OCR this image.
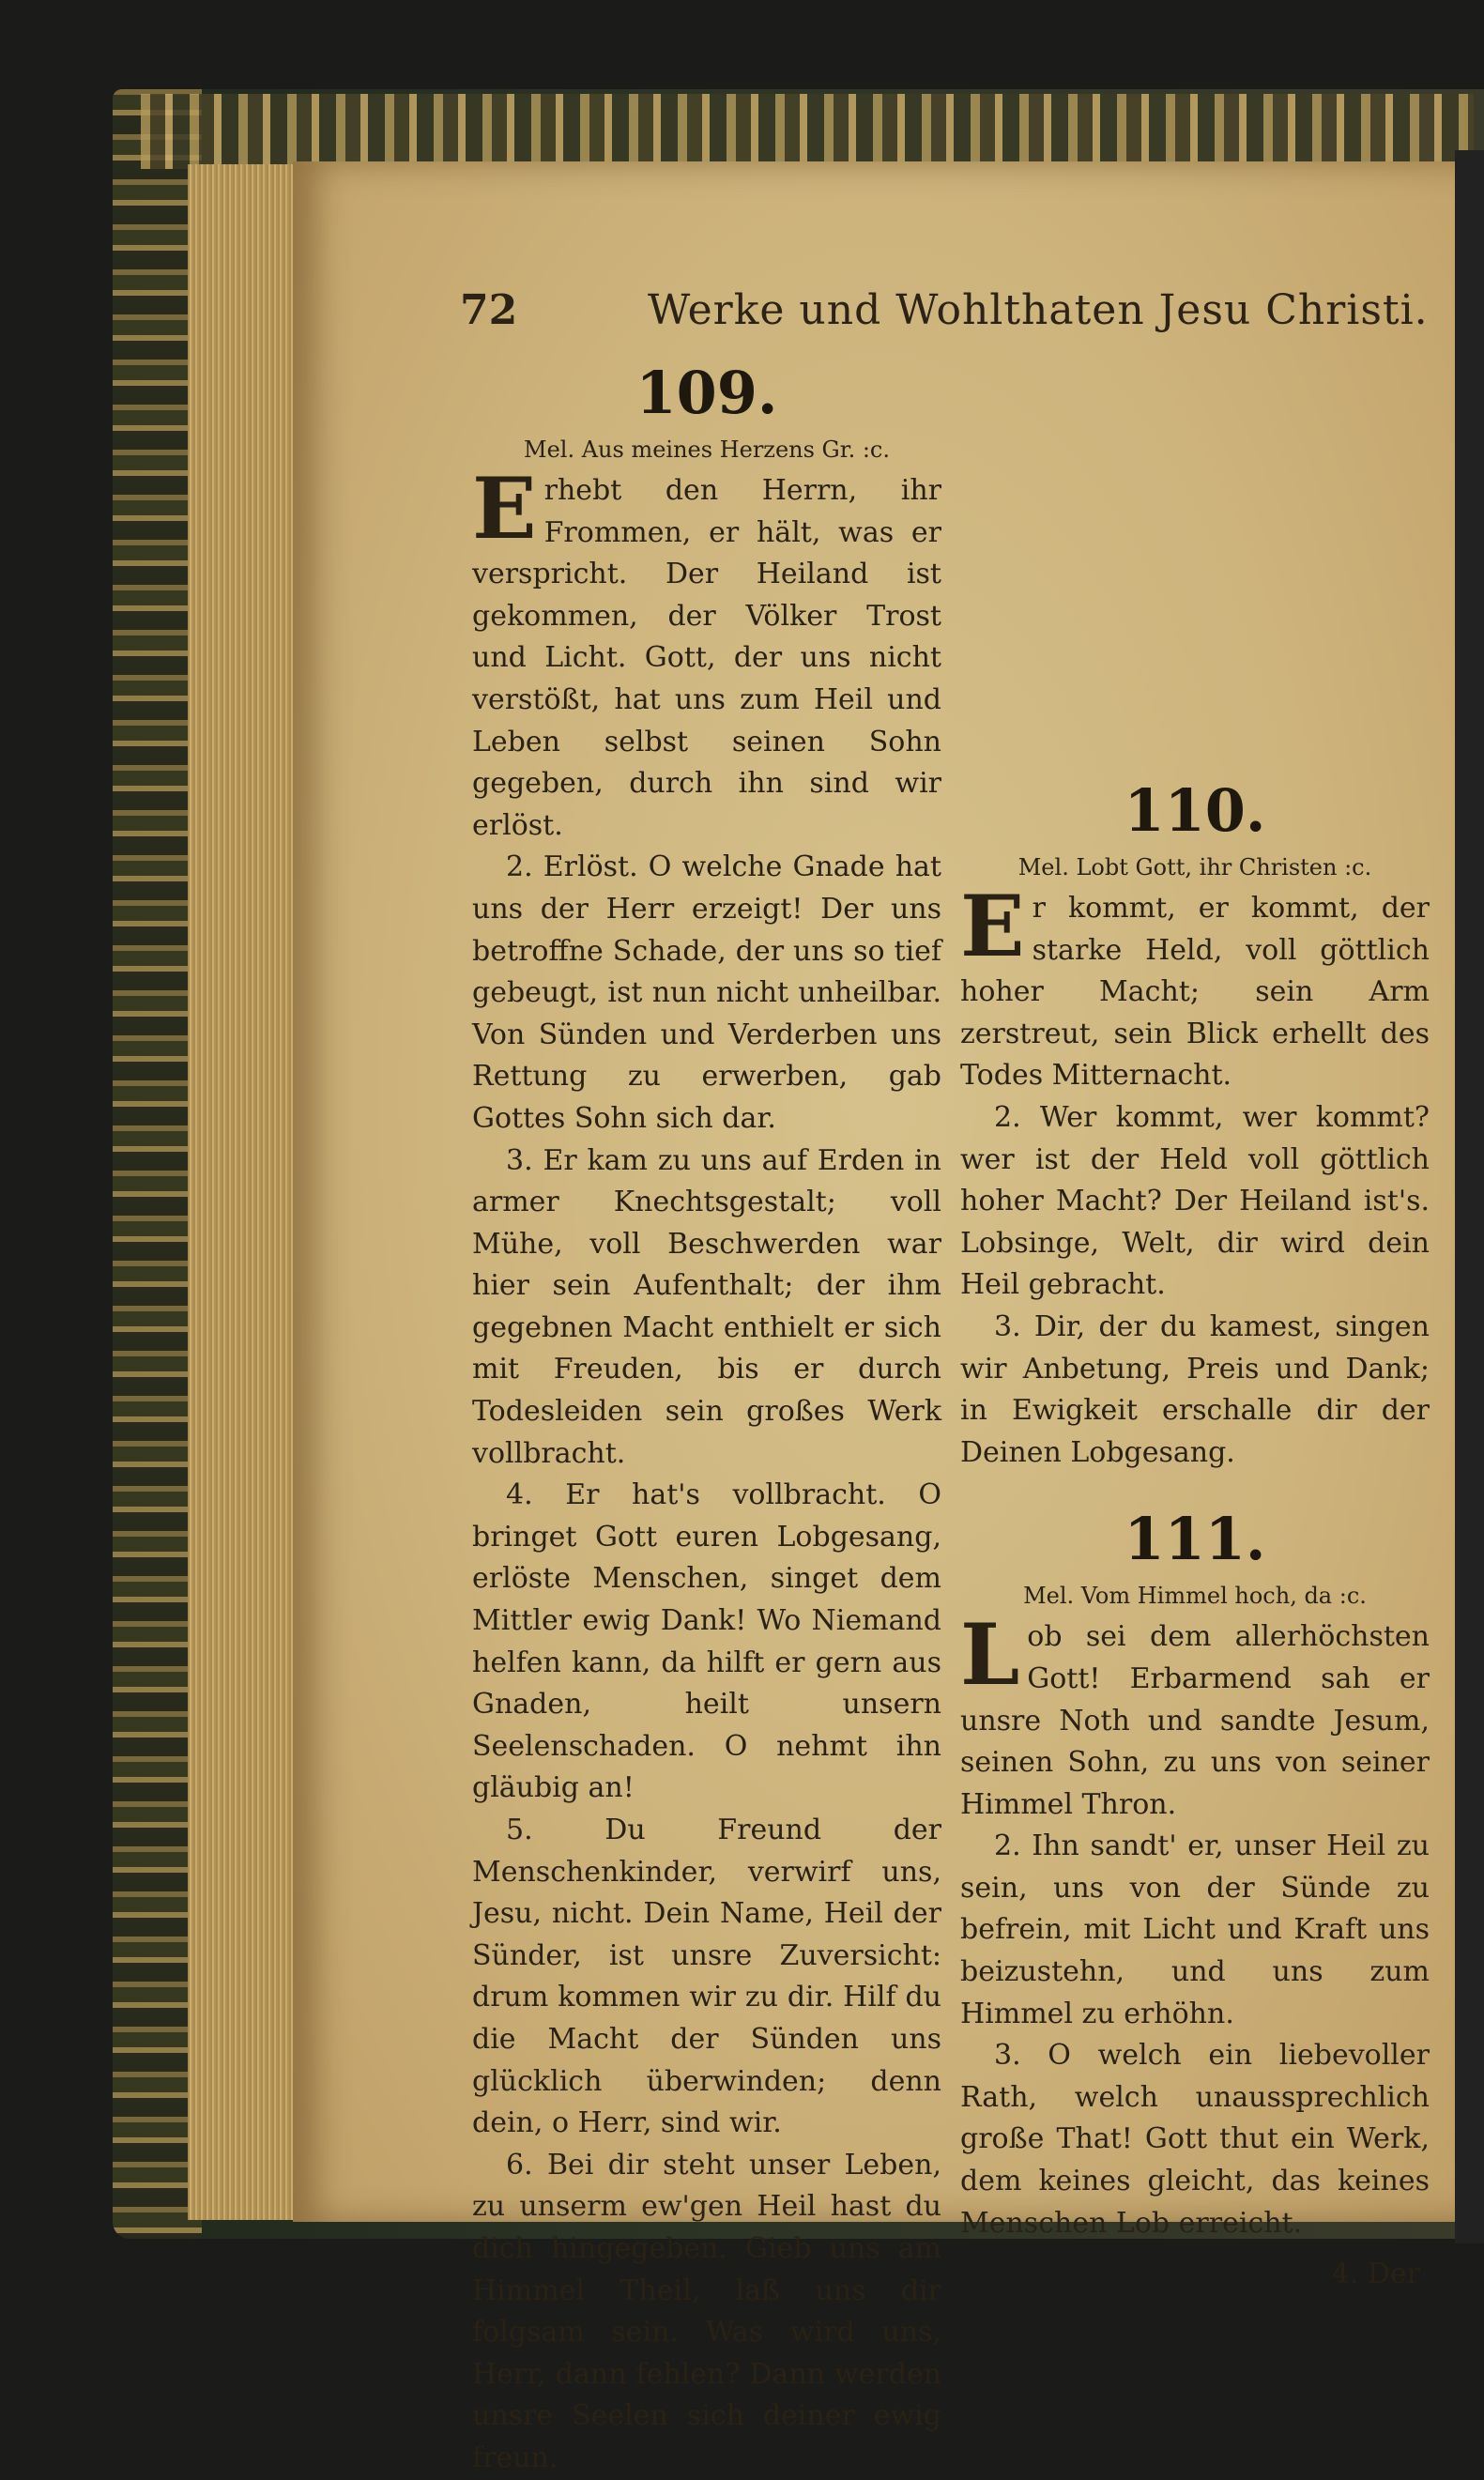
72	Werke und Wohlthaten Jesu Christi.
109.
Mel. Aus meines Herzens Gr. :c.

Erhebt den Herrn, ihr Frommen, er hält, was er verspricht. Der Heiland ist gekommen, der Völker Trost und Licht. Gott, der uns nicht verstößt, hat uns zum Heil und Leben selbst seinen Sohn gegeben, durch ihn sind wir erlöst.

2. Erlöst. O welche Gnade hat uns der Herr erzeigt! Der uns betroffne Schade, der uns so tief gebeugt, ist nun nicht unheilbar. Von Sünden und Verderben uns Rettung zu erwerben, gab Gottes Sohn sich dar.

3. Er kam zu uns auf Erden in armer Knechtsgestalt; voll Mühe, voll Beschwerden war hier sein Aufenthalt; der ihm gegebnen Macht enthielt er sich mit Freuden, bis er durch Todesleiden sein großes Werk vollbracht.

4. Er hat's vollbracht. O bringet Gott euren Lobgesang, erlöste Menschen, singet dem Mittler ewig Dank! Wo Niemand helfen kann, da hilft er gern aus Gnaden, heilt unsern Seelenschaden. O nehmt ihn gläubig an!

5. Du Freund der Menschenkinder, verwirf uns, Jesu, nicht. Dein Name, Heil der Sünder, ist unsre Zuversicht: drum kommen wir zu dir. Hilf du die Macht der Sünden uns glücklich überwinden; denn dein, o Herr, sind wir.

6. Bei dir steht unser Leben, zu unserm ew'gen Heil hast du dich hingegeben. Gieb uns am Himmel Theil, laß uns dir folgsam sein. Was wird uns, Herr, dann fehlen? Dann werden unsre Seelen sich deiner ewig freun.

110.
Mel. Lobt Gott, ihr Christen :c.

Er kommt, er kommt, der starke Held, voll göttlich hoher Macht; sein Arm zerstreut, sein Blick erhellt des Todes Mitternacht.

2. Wer kommt, wer kommt? wer ist der Held voll göttlich hoher Macht? Der Heiland ist's. Lobsinge, Welt, dir wird dein Heil gebracht.

3. Dir, der du kamest, singen wir Anbetung, Preis und Dank; in Ewigkeit erschalle dir der Deinen Lobgesang.

111.
Mel. Vom Himmel hoch, da :c.

Lob sei dem allerhöchsten Gott! Erbarmend sah er unsre Noth und sandte Jesum, seinen Sohn, zu uns von seiner Himmel Thron.

2. Ihn sandt' er, unser Heil zu sein, uns von der Sünde zu befrein, mit Licht und Kraft uns beizustehn, und uns zum Himmel zu erhöhn.

3. O welch ein liebevoller Rath, welch unaussprechlich große That! Gott thut ein Werk, dem keines gleicht, das keines Menschen Lob erreicht.

4. Der
